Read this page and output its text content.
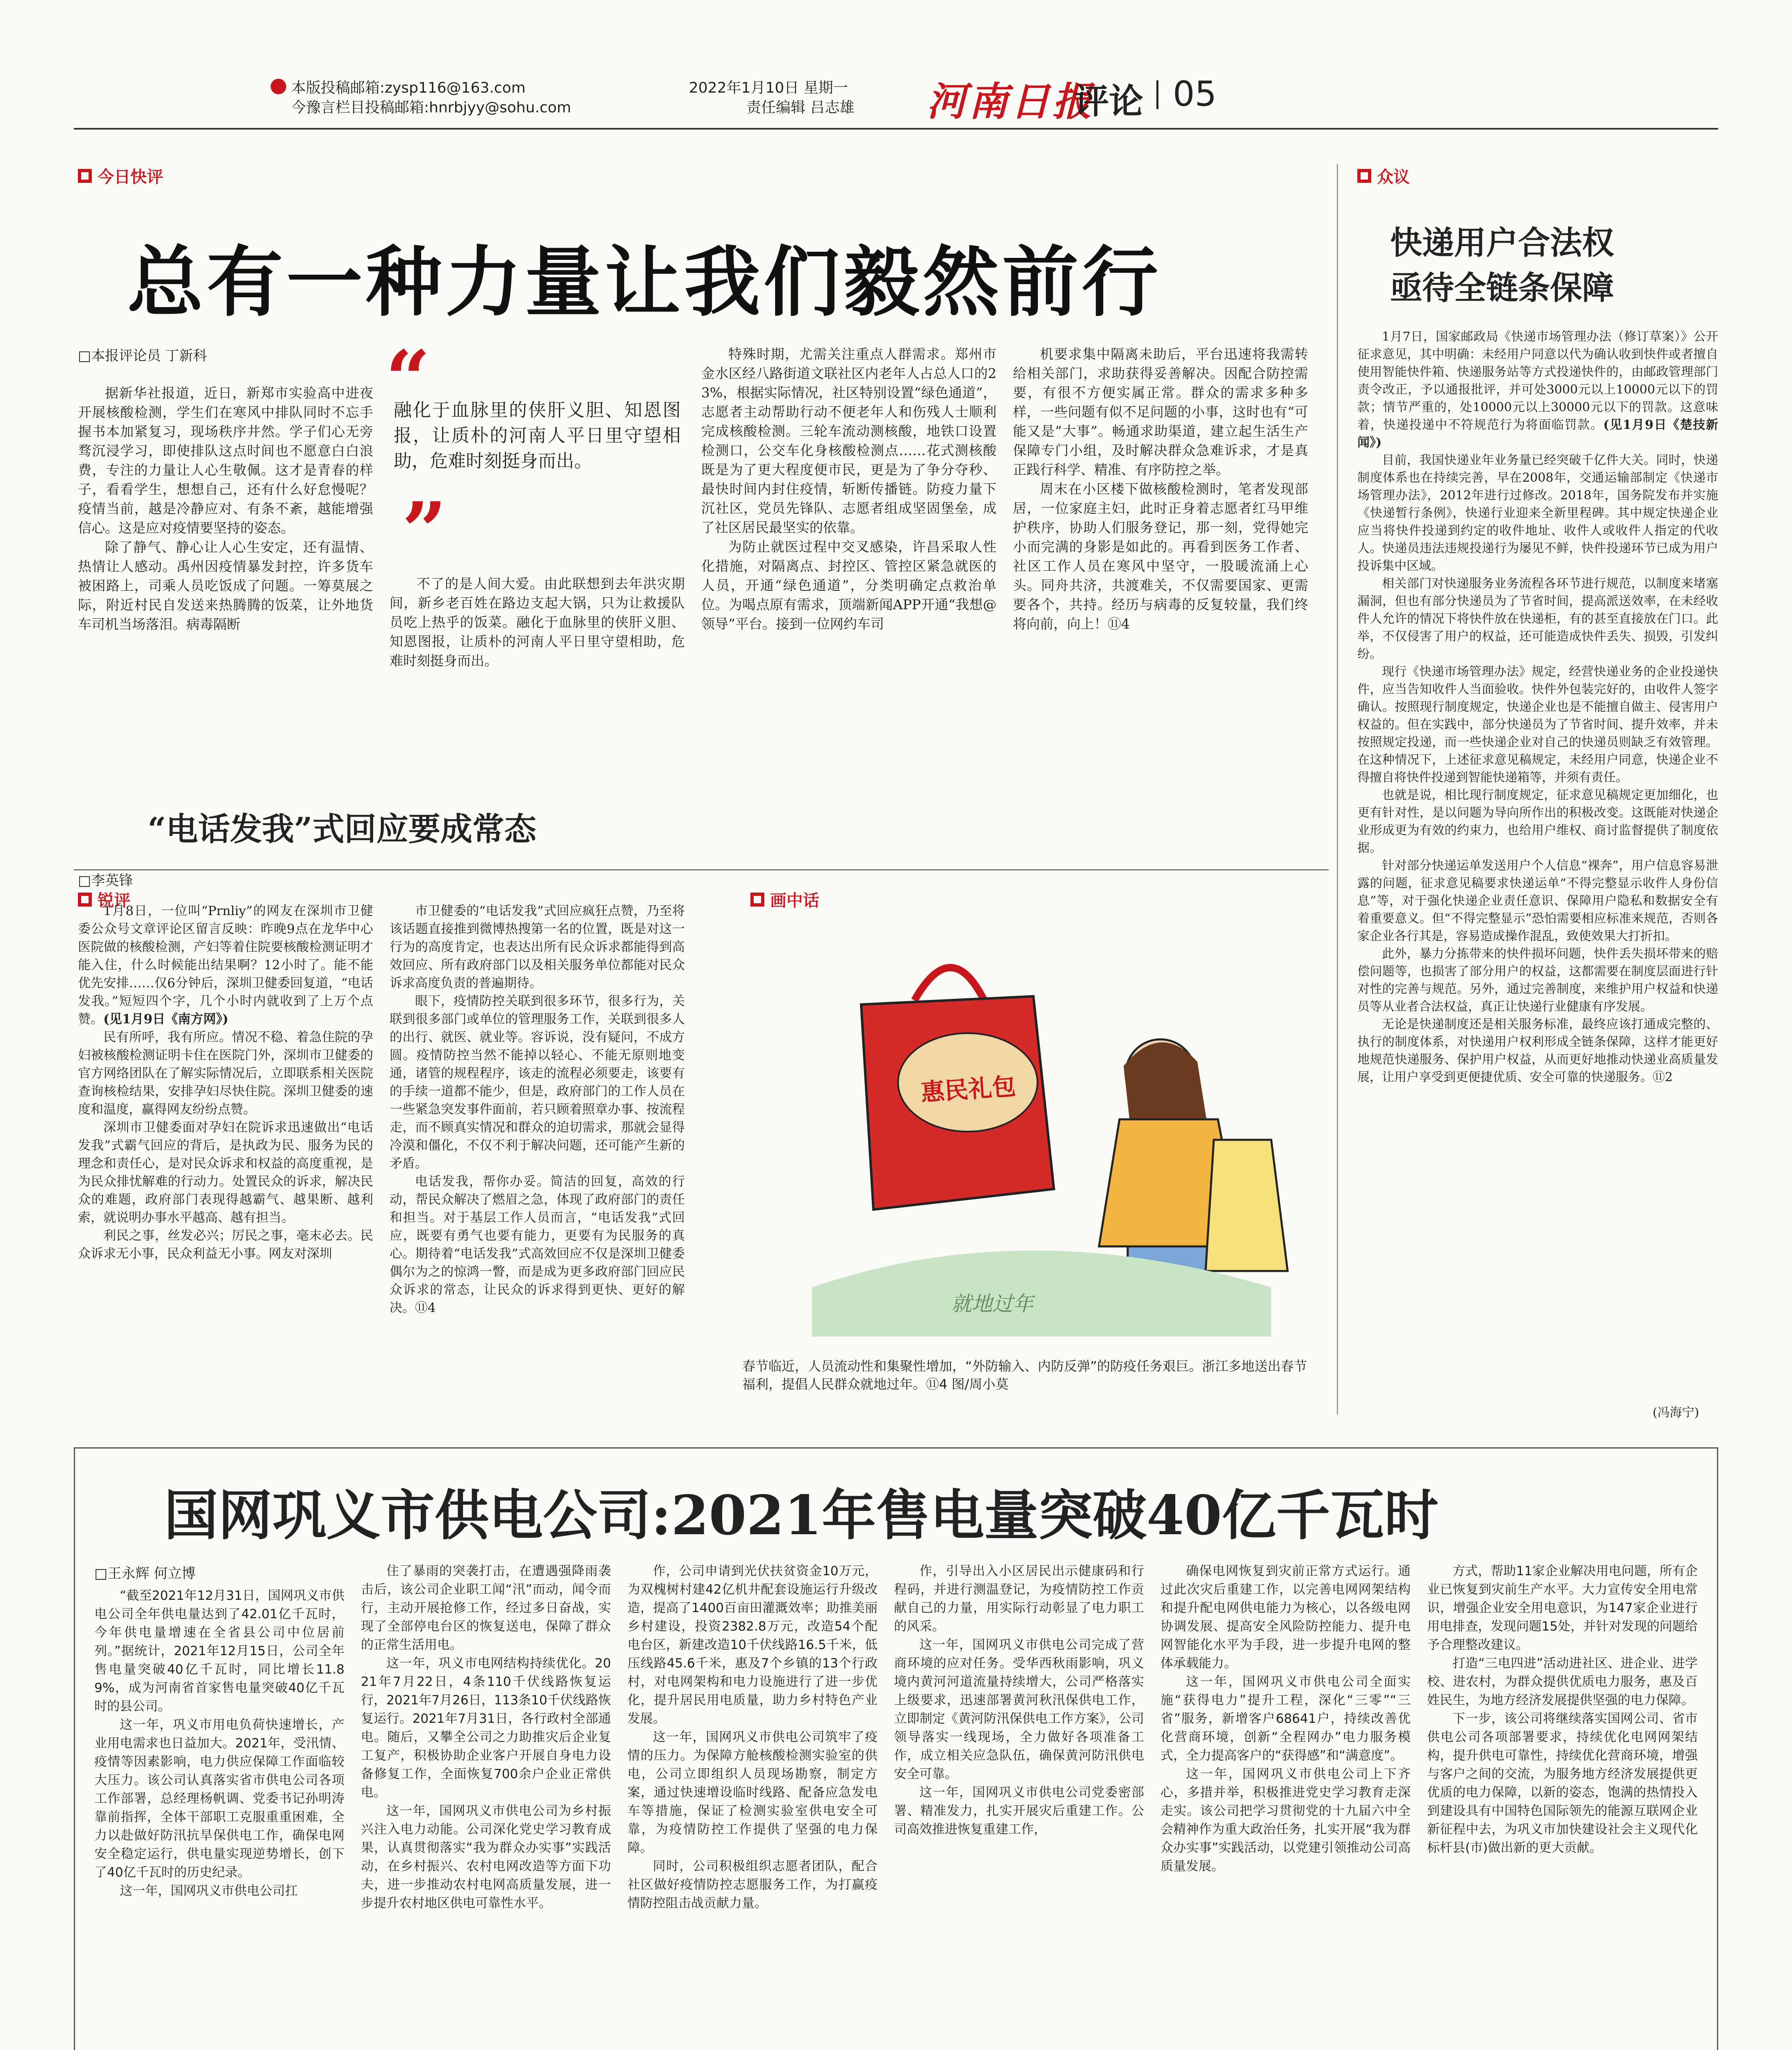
本版投稿邮箱:zysp116@163.com
今豫言栏目投稿邮箱:hnrbjyy@sohu.com
2022年1月10日 星期一
责任编辑 吕志雄 河南日报
评论 05
今日快评
总有一种力量让我们毅然前行
□本报评论员 丁新科

据新华社报道，近日，新郑市实验高中进夜开展核酸检测，学生们在寒风中排队同时不忘手握书本加紧复习，现场秩序井然。学子们心无旁骛沉浸学习，即使排队这点时间也不愿意白白浪费，专注的力量让人心生敬佩。这才是青春的样子，看看学生，想想自己，还有什么好怠慢呢？疫情当前，越是冷静应对、有条不紊，越能增强信心。这是应对疫情要坚持的姿态。

除了静气、静心让人心生安定，还有温情、热情让人感动。禹州因疫情暴发封控，许多货车被困路上，司乘人员吃饭成了问题。一筹莫展之际，附近村民自发送来热腾腾的饭菜，让外地货车司机当场落泪。病毒隔断

“
融化于血脉里的侠肝义胆、知恩图报，让质朴的河南人平日里守望相助，危难时刻挺身而出。
”

不了的是人间大爱。由此联想到去年洪灾期间，新乡老百姓在路边支起大锅，只为让救援队员吃上热乎的饭菜。融化于血脉里的侠肝义胆、知恩图报，让质朴的河南人平日里守望相助，危难时刻挺身而出。

特殊时期，尤需关注重点人群需求。郑州市金水区经八路街道文联社区内老年人占总人口的23%，根据实际情况，社区特别设置“绿色通道”，志愿者主动帮助行动不便老年人和伤残人士顺利完成核酸检测。三轮车流动测核酸，地铁口设置检测口，公交车化身核酸检测点……花式测核酸既是为了更大程度便市民，更是为了争分夺秒、最快时间内封住疫情，斩断传播链。防疫力量下沉社区，党员先锋队、志愿者组成坚固堡垒，成了社区居民最坚实的依靠。

为防止就医过程中交叉感染，许昌采取人性化措施，对隔离点、封控区、管控区紧急就医的人员，开通“绿色通道”，分类明确定点救治单位。为喝点原有需求，顶端新闻APP开通“我想@领导”平台。接到一位网约车司

机要求集中隔离未助后，平台迅速将我需转给相关部门，求助获得妥善解决。因配合防控需要，有很不方便实属正常。群众的需求多种多样，一些问题有似不足问题的小事，这时也有“可能又是”大事”。畅通求助渠道，建立起生活生产保障专门小组，及时解决群众急难诉求，才是真正践行科学、精准、有序防控之举。

周末在小区楼下做核酸检测时，笔者发现部居，一位家庭主妇，此时正身着志愿者红马甲维护秩序，协助人们服务登记，那一刻，党得她完小而完满的身影是如此的。再看到医务工作者、社区工作人员在寒风中坚守，一股暖流涌上心头。同舟共济，共渡难关，不仅需要国家、更需要各个，共持。经历与病毒的反复较量，我们终将向前，向上！⑪4

众议
快递用户合法权
亟待全链条保障

1月7日，国家邮政局《快递市场管理办法（修订草案）》公开征求意见，其中明确：未经用户同意以代为确认收到快件或者擅自使用智能快件箱、快递服务站等方式投递快件的，由邮政管理部门责令改正，予以通报批评，并可处3000元以上10000元以下的罚款；情节严重的，处10000元以上30000元以下的罚款。这意味着，快递投递中不符规范行为将面临罚款。(见1月9日《楚技新闻》)

目前，我国快递业年业务量已经突破千亿件大关。同时，快递制度体系也在持续完善，早在2008年，交通运输部制定《快递市场管理办法》，2012年进行过修改。2018年，国务院发布并实施《快递暂行条例》，快递行业迎来全新里程碑。其中规定快递企业应当将快件投递到约定的收件地址、收件人或收件人指定的代收人。快递员违法违规投递行为屡见不鲜，快件投递环节已成为用户投诉集中区域。

相关部门对快递服务业务流程各环节进行规范，以制度来堵塞漏洞，但也有部分快递员为了节省时间，提高派送效率，在未经收件人允许的情况下将快件放在快递柜，有的甚至直接放在门口。此举，不仅侵害了用户的权益，还可能造成快件丢失、损毁，引发纠纷。

现行《快递市场管理办法》规定，经营快递业务的企业投递快件，应当告知收件人当面验收。快件外包装完好的，由收件人签字确认。按照现行制度规定，快递企业也是不能擅自做主、侵害用户权益的。但在实践中，部分快递员为了节省时间、提升效率，并未按照规定投递，而一些快递企业对自己的快递员则缺乏有效管理。在这种情况下，上述征求意见稿规定，未经用户同意，快递企业不得擅自将快件投递到智能快递箱等，并须有责任。

也就是说，相比现行制度规定，征求意见稿规定更加细化，也更有针对性，是以问题为导向所作出的积极改变。这既能对快递企业形成更为有效的约束力，也给用户维权、商讨监督提供了制度依据。

针对部分快递运单发送用户个人信息“裸奔”，用户信息容易泄露的问题，征求意见稿要求快递运单“不得完整显示收件人身份信息”等，对于强化快递企业责任意识、保障用户隐私和数据安全有着重要意义。但“不得完整显示”恐怕需要相应标准来规范，否则各家企业各行其是，容易造成操作混乱，致使效果大打折扣。

此外，暴力分拣带来的快件损坏问题，快件丢失损坏带来的赔偿问题等，也损害了部分用户的权益，这都需要在制度层面进行针对性的完善与规范。另外，通过完善制度，来维护用户权益和快递员等从业者合法权益，真正让快递行业健康有序发展。

无论是快递制度还是相关服务标准，最终应该打通成完整的、执行的制度体系，对快递用户权利形成全链条保障，这样才能更好地规范快递服务、保护用户权益，从而更好地推动快递业高质量发展，让用户享受到更便捷优质、安全可靠的快递服务。⑪2

(冯海宁)
锐评
“电话发我”式回应要成常态
□李英锋

1月8日，一位叫“Prnliy”的网友在深圳市卫健委公众号文章评论区留言反映：昨晚9点在龙华中心医院做的核酸检测，产妇等着住院要核酸检测证明才能入住，什么时候能出结果啊？12小时了。能不能优先安排……仅6分钟后，深圳卫健委回复道，“电话发我。”短短四个字，几个小时内就收到了上万个点赞。(见1月9日《南方网》)

民有所呼，我有所应。情况不稳、着急住院的孕妇被核酸检测证明卡住在医院门外，深圳市卫健委的官方网络团队在了解实际情况后，立即联系相关医院查询核检结果，安排孕妇尽快住院。深圳卫健委的速度和温度，赢得网友纷纷点赞。

深圳市卫健委面对孕妇在院诉求迅速做出“电话发我”式霸气回应的背后，是执政为民、服务为民的理念和责任心，是对民众诉求和权益的高度重视，是为民众排忧解难的行动力。处置民众的诉求，解决民众的难题，政府部门表现得越霸气、越果断、越利索，就说明办事水平越高、越有担当。

利民之事，丝发必兴；厉民之事，毫末必去。民众诉求无小事，民众利益无小事。网友对深圳

市卫健委的“电话发我”式回应疯狂点赞，乃至将该话题直接推到微博热搜第一名的位置，既是对这一行为的高度肯定，也表达出所有民众诉求都能得到高效回应、所有政府部门以及相关服务单位都能对民众诉求高度负责的普遍期待。

眼下，疫情防控关联到很多环节，很多行为，关联到很多部门或单位的管理服务工作，关联到很多人的出行、就医、就业等。容诉说，没有疑问，不成方圆。疫情防控当然不能掉以轻心、不能无原则地变通，诸管的规程程序，该走的流程必须要走，该要有的手续一道都不能少，但是，政府部门的工作人员在一些紧急突发事件面前，若只顾着照章办事、按流程走，而不顾真实情况和群众的迫切需求，那就会显得冷漠和僵化，不仅不利于解决问题，还可能产生新的矛盾。

电话发我，帮你办妥。简洁的回复，高效的行动，帮民众解决了燃眉之急，体现了政府部门的责任和担当。对于基层工作人员而言，“电话发我”式回应，既要有勇气也要有能力，更要有为民服务的真心。期待着“电话发我”式高效回应不仅是深圳卫健委偶尔为之的惊鸿一瞥，而是成为更多政府部门回应民众诉求的常态，让民众的诉求得到更快、更好的解决。⑪4

画中话
惠民礼包
就地过年
春节临近，人员流动性和集聚性增加，“外防输入、内防反弹”的防疫任务艰巨。浙江多地送出春节福利，提倡人民群众就地过年。⑪4 图/周小莫
国网巩义市供电公司:2021年售电量突破40亿千瓦时
□王永辉 何立博

“截至2021年12月31日，国网巩义市供电公司全年供电量达到了42.01亿千瓦时，今年供电量增速在全省县公司中位居前列。”据统计，2021年12月15日，公司全年售电量突破40亿千瓦时，同比增长11.89%，成为河南省首家售电量突破40亿千瓦时的县公司。

这一年，巩义市用电负荷快速增长，产业用电需求也日益加大。2021年，受汛情、疫情等因素影响，电力供应保障工作面临较大压力。该公司认真落实省市供电公司各项工作部署，总经理杨帆调、党委书记孙明涛靠前指挥，全体干部职工克服重重困难，全力以赴做好防汛抗旱保供电工作，确保电网安全稳定运行，供电量实现逆势增长，创下了40亿千瓦时的历史纪录。

这一年，国网巩义市供电公司扛

住了暴雨的突袭打击，在遭遇强降雨袭击后，该公司企业职工闻“汛”而动，闻令而行，主动开展抢修工作，经过多日奋战，实现了全部停电台区的恢复送电，保障了群众的正常生活用电。

这一年，巩义市电网结构持续优化。2021年7月22日，4条110千伏线路恢复运行，2021年7月26日，113条10千伏线路恢复运行。2021年7月31日，各行政村全部通电。随后，又攀全公司之力助推灾后企业复工复产，积极协助企业客户开展自身电力设备修复工作，全面恢复700余户企业正常供电。

这一年，国网巩义市供电公司为乡村振兴注入电力动能。公司深化党史学习教育成果，认真贯彻落实“我为群众办实事”实践活动，在乡村振兴、农村电网改造等方面下功夫，进一步推动农村电网高质量发展，进一步提升农村地区供电可靠性水平。

作，公司申请到光伏扶贫资金10万元，为双槐树村建42亿机井配套设施运行升级改造，提高了1400百亩田灌溉效率；助推美丽乡村建设，投资2382.8万元，改造54个配电台区，新建改造10千伏线路16.5千米，低压线路45.6千米，惠及7个乡镇的13个行政村，对电网架构和电力设施进行了进一步优化，提升居民用电质量，助力乡村特色产业发展。

这一年，国网巩义市供电公司筑牢了疫情的压力。为保障方舱核酸检测实验室的供电，公司立即组织人员现场勘察，制定方案，通过快速增设临时线路、配备应急发电车等措施，保证了检测实验室供电安全可靠，为疫情防控工作提供了坚强的电力保障。

同时，公司积极组织志愿者团队，配合社区做好疫情防控志愿服务工作，为打赢疫情防控阻击战贡献力量。

作，引导出入小区居民出示健康码和行程码，并进行测温登记，为疫情防控工作贡献自己的力量，用实际行动彰显了电力职工的风采。

这一年，国网巩义市供电公司完成了营商环境的应对任务。受华西秋雨影响，巩义境内黄河河道流量持续增大，公司严格落实上级要求，迅速部署黄河秋汛保供电工作，立即制定《黄河防汛保供电工作方案》，公司领导落实一线现场，全力做好各项准备工作，成立相关应急队伍，确保黄河防汛供电安全可靠。

这一年，国网巩义市供电公司党委密部署、精准发力，扎实开展灾后重建工作。公司高效推进恢复重建工作，

确保电网恢复到灾前正常方式运行。通过此次灾后重建工作，以完善电网网架结构和提升配电网供电能力为核心，以各级电网协调发展、提高安全风险防控能力、提升电网智能化水平为手段，进一步提升电网的整体承载能力。

这一年，国网巩义市供电公司全面实施“获得电力”提升工程，深化“三零”“三省”服务，新增客户68641户，持续改善优化营商环境，创新“全程网办”电力服务模式，全力提高客户的“获得感”和“满意度”。

这一年，国网巩义市供电公司上下齐心，多措并举，积极推进党史学习教育走深走实。该公司把学习贯彻党的十九届六中全会精神作为重大政治任务，扎实开展“我为群众办实事”实践活动，以党建引领推动公司高质量发展。

方式，帮助11家企业解决用电问题，所有企业已恢复到灾前生产水平。大力宣传安全用电常识，增强企业安全用电意识，为147家企业进行用电排查，发现问题15处，并针对发现的问题给予合理整改建议。

打造“三电四进”活动进社区、进企业、进学校、进农村，为群众提供优质电力服务，惠及百姓民生，为地方经济发展提供坚强的电力保障。

下一步，该公司将继续落实国网公司、省市供电公司各项部署要求，持续优化电网网架结构，提升供电可靠性，持续优化营商环境，增强与客户之间的交流，为服务地方经济发展提供更优质的电力保障，以新的姿态，饱满的热情投入到建设具有中国特色国际领先的能源互联网企业新征程中去，为巩义市加快建设社会主义现代化标杆县(市)做出新的更大贡献。
